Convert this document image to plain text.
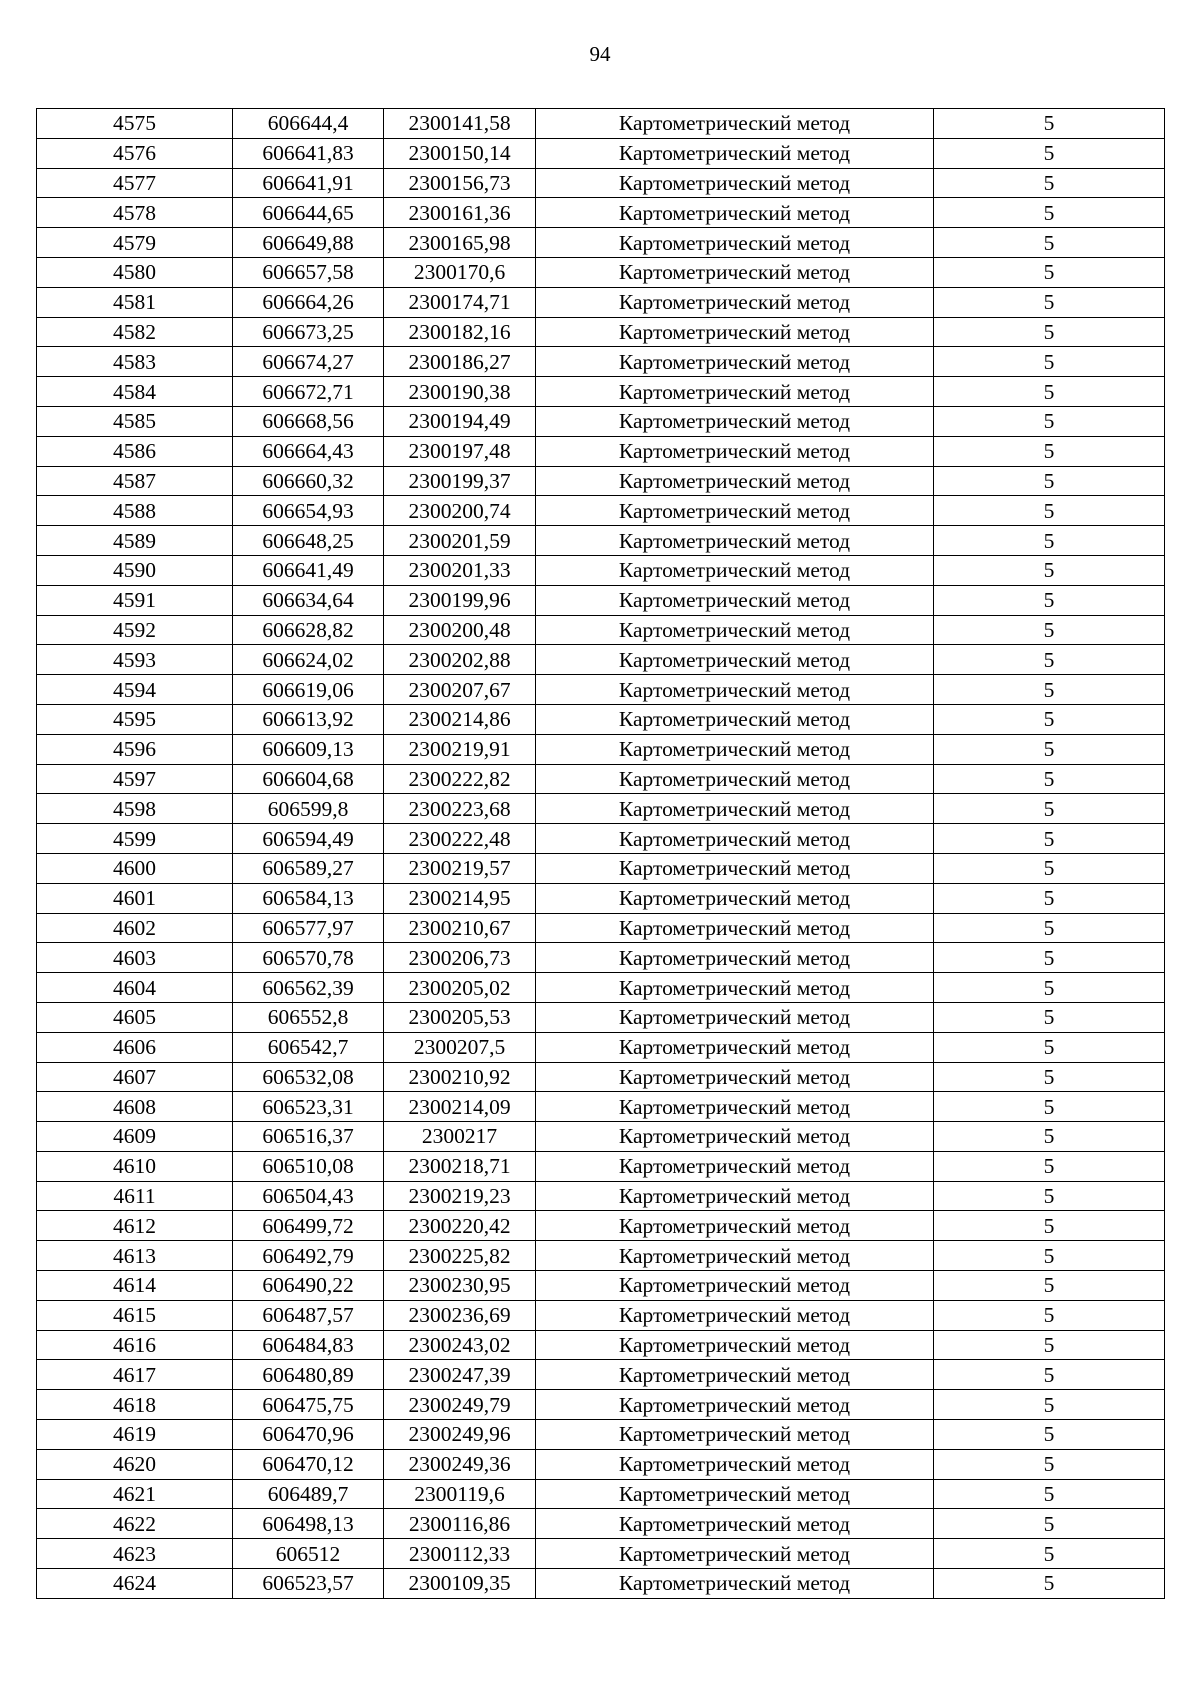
94
4575	606644,4	2300141,58	Картометрический метод	5
4576	606641,83	2300150,14	Картометрический метод	5
4577	606641,91	2300156,73	Картометрический метод	5
4578	606644,65	2300161,36	Картометрический метод	5
4579	606649,88	2300165,98	Картометрический метод	5
4580	606657,58	2300170,6	Картометрический метод	5
4581	606664,26	2300174,71	Картометрический метод	5
4582	606673,25	2300182,16	Картометрический метод	5
4583	606674,27	2300186,27	Картометрический метод	5
4584	606672,71	2300190,38	Картометрический метод	5
4585	606668,56	2300194,49	Картометрический метод	5
4586	606664,43	2300197,48	Картометрический метод	5
4587	606660,32	2300199,37	Картометрический метод	5
4588	606654,93	2300200,74	Картометрический метод	5
4589	606648,25	2300201,59	Картометрический метод	5
4590	606641,49	2300201,33	Картометрический метод	5
4591	606634,64	2300199,96	Картометрический метод	5
4592	606628,82	2300200,48	Картометрический метод	5
4593	606624,02	2300202,88	Картометрический метод	5
4594	606619,06	2300207,67	Картометрический метод	5
4595	606613,92	2300214,86	Картометрический метод	5
4596	606609,13	2300219,91	Картометрический метод	5
4597	606604,68	2300222,82	Картометрический метод	5
4598	606599,8	2300223,68	Картометрический метод	5
4599	606594,49	2300222,48	Картометрический метод	5
4600	606589,27	2300219,57	Картометрический метод	5
4601	606584,13	2300214,95	Картометрический метод	5
4602	606577,97	2300210,67	Картометрический метод	5
4603	606570,78	2300206,73	Картометрический метод	5
4604	606562,39	2300205,02	Картометрический метод	5
4605	606552,8	2300205,53	Картометрический метод	5
4606	606542,7	2300207,5	Картометрический метод	5
4607	606532,08	2300210,92	Картометрический метод	5
4608	606523,31	2300214,09	Картометрический метод	5
4609	606516,37	2300217	Картометрический метод	5
4610	606510,08	2300218,71	Картометрический метод	5
4611	606504,43	2300219,23	Картометрический метод	5
4612	606499,72	2300220,42	Картометрический метод	5
4613	606492,79	2300225,82	Картометрический метод	5
4614	606490,22	2300230,95	Картометрический метод	5
4615	606487,57	2300236,69	Картометрический метод	5
4616	606484,83	2300243,02	Картометрический метод	5
4617	606480,89	2300247,39	Картометрический метод	5
4618	606475,75	2300249,79	Картометрический метод	5
4619	606470,96	2300249,96	Картометрический метод	5
4620	606470,12	2300249,36	Картометрический метод	5
4621	606489,7	2300119,6	Картометрический метод	5
4622	606498,13	2300116,86	Картометрический метод	5
4623	606512	2300112,33	Картометрический метод	5
4624	606523,57	2300109,35	Картометрический метод	5
